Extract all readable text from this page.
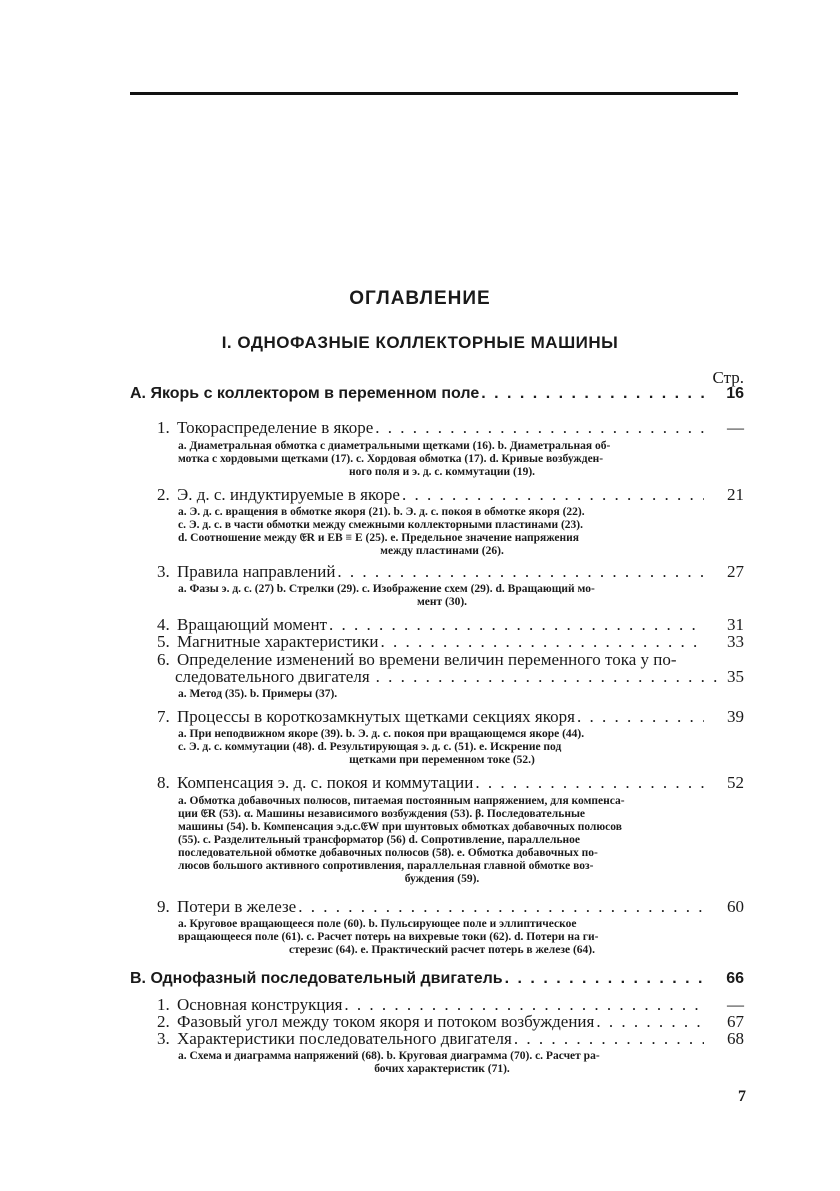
ОГЛАВЛЕНИЕ
I. ОДНОФАЗНЫЕ КОЛЛЕКТОРНЫЕ МАШИНЫ
Стр.
А. Якорь с коллектором в переменном поле . . .	16
1. Токораспределение в якоре . . .	—
а. Диаметральная обмотка с диаметральными щетками (16). b. Диаметральная об-
мотка с хордовыми щетками (17). с. Хордовая обмотка (17). d. Кривые возбужден-
ного поля и э. д. с. коммутации (19).
2. Э. д. с. индуктируемые в якоре . . .	21
а. Э. д. с. вращения в обмотке якоря (21). b. Э. д. с. покоя в обмотке якоря (22).
с. Э. д. с. в части обмотки между смежными коллекторными пластинами (23).
d. Соотношение между 𝔈R и EB ≡ E (25). е. Предельное значение напряжения
между пластинами (26).
3. Правила направлений . . .	27
а. Фазы э. д. с. (27) b. Стрелки (29). с. Изображение схем (29). d. Вращающий мо-
мент (30).
4. Вращающий момент . . .	31
5. Магнитные характеристики . . .	33
6. Определение изменений во времени величин переменного тока у по-
следовательного двигателя . . .	35
а. Метод (35). b. Примеры (37).
7. Процессы в короткозамкнутых щетками секциях якоря . . .	39
а. При неподвижном якоре (39). b. Э. д. с. покоя при вращающемся якоре (44).
с. Э. д. с. коммутации (48). d. Результирующая э. д. с. (51). е. Искрение под
щетками при переменном токе (52.)
8. Компенсация э. д. с. покоя и коммутации . . .	52
а. Обмотка добавочных полюсов, питаемая постоянным напряжением, для компенса-
ции 𝔈R (53). α. Машины независимого возбуждения (53). β. Последовательные
машины (54). b. Компенсация э.д.с.𝔈W при шунтовых обмотках добавочных полюсов
(55). с. Разделительный трансформатор (56) d. Сопротивление, параллельное
последовательной обмотке добавочных полюсов (58). е. Обмотка добавочных по-
люсов большого активного сопротивления, параллельная главной обмотке воз-
буждения (59).
9. Потери в железе . . .	60
а. Круговое вращающееся поле (60). b. Пульсирующее поле и эллиптическое
вращающееся поле (61). с. Расчет потерь на вихревые токи (62). d. Потери на ги-
стерезис (64). е. Практический расчет потерь в железе (64).
В. Однофазный последовательный двигатель . . .	66
1. Основная конструкция . . .	—
2. Фазовый угол между током якоря и потоком возбуждения . . .	67
3. Характеристики последовательного двигателя . . .	68
а. Схема и диаграмма напряжений (68). b. Круговая диаграмма (70). с. Расчет ра-
бочих характеристик (71).
7
